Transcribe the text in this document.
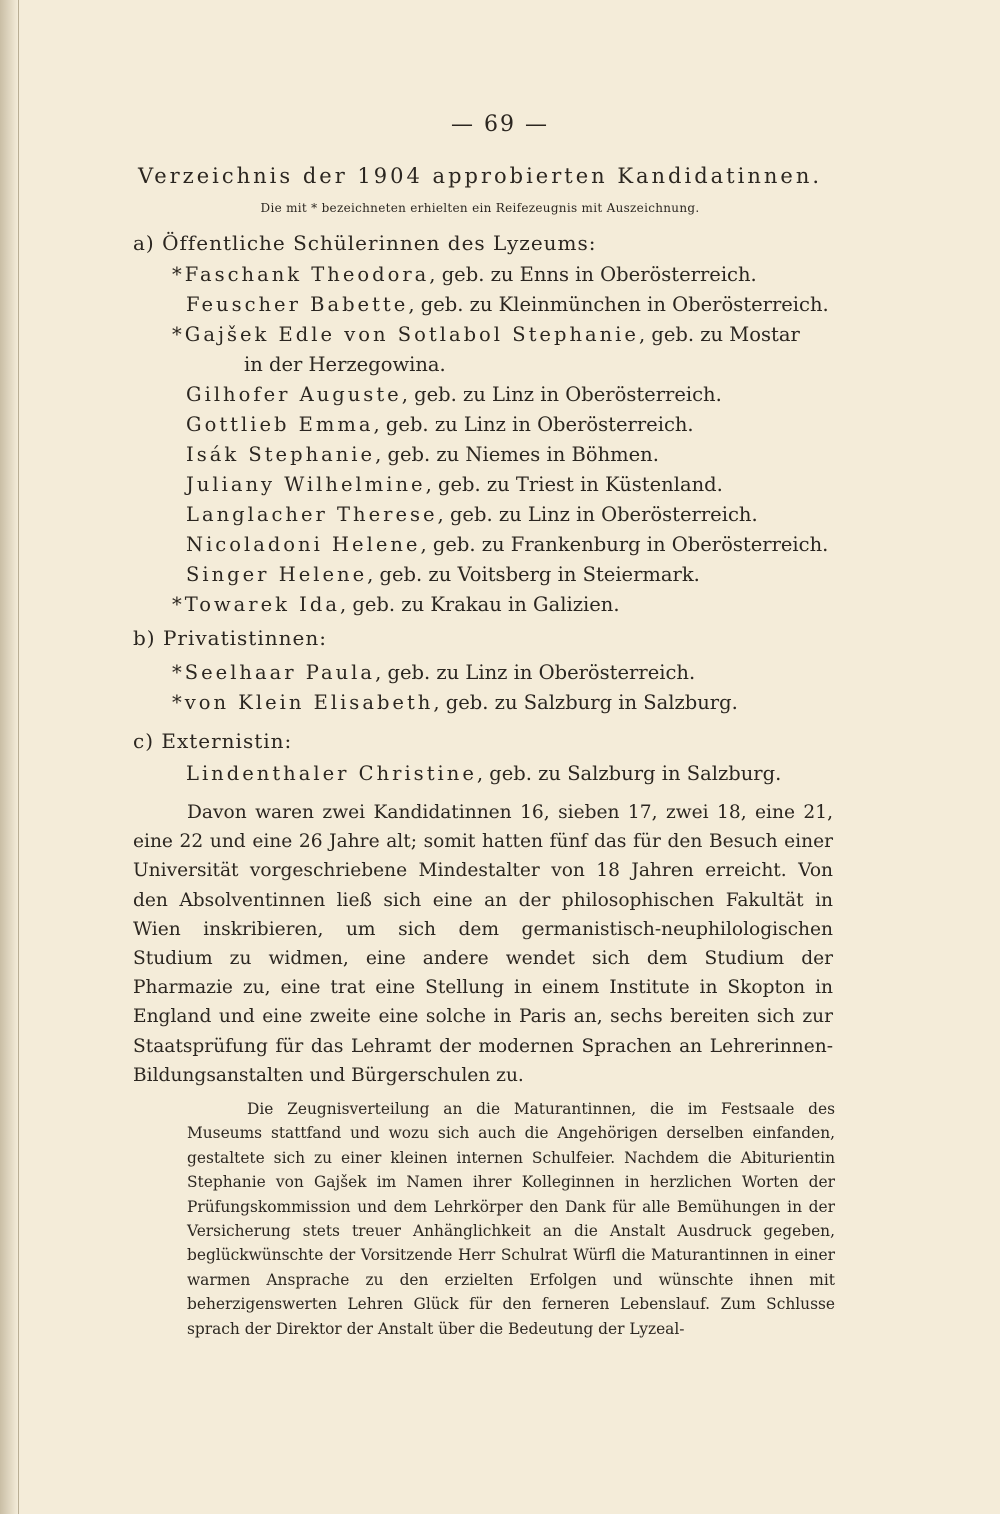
— 69 —
Verzeichnis der 1904 approbierten Kandidatinnen.
Die mit * bezeichneten erhielten ein Reifezeugnis mit Auszeichnung.
a) Öffentliche Schülerinnen des Lyzeums:
*Faschank Theodora, geb. zu Enns in Oberösterreich.
Feuscher Babette, geb. zu Kleinmünchen in Oberösterreich.
*Gajšek Edle von Sotlabol Stephanie, geb. zu Mostar
in der Herzegowina.
Gilhofer Auguste, geb. zu Linz in Oberösterreich.
Gottlieb Emma, geb. zu Linz in Oberösterreich.
Isák Stephanie, geb. zu Niemes in Böhmen.
Juliany Wilhelmine, geb. zu Triest in Küstenland.
Langlacher Therese, geb. zu Linz in Oberösterreich.
Nicoladoni Helene, geb. zu Frankenburg in Oberösterreich.
Singer Helene, geb. zu Voitsberg in Steiermark.
*Towarek Ida, geb. zu Krakau in Galizien.
b) Privatistinnen:
*Seelhaar Paula, geb. zu Linz in Oberösterreich.
*von Klein Elisabeth, geb. zu Salzburg in Salzburg.
c) Externistin:
Lindenthaler Christine, geb. zu Salzburg in Salzburg.
Davon waren zwei Kandidatinnen 16, sieben 17, zwei 18, eine 21, eine 22 und eine 26 Jahre alt; somit hatten fünf das für den Besuch einer Universität vorgeschriebene Mindestalter von 18 Jahren erreicht. Von den Absolventinnen ließ sich eine an der philosophischen Fakultät in Wien inskribieren, um sich dem germanistisch-neuphilologischen Studium zu widmen, eine andere wendet sich dem Studium der Pharmazie zu, eine trat eine Stellung in einem Institute in Skopton in England und eine zweite eine solche in Paris an, sechs bereiten sich zur Staatsprüfung für das Lehramt der modernen Sprachen an Lehrerinnen-Bildungsanstalten und Bürgerschulen zu.
Die Zeugnisverteilung an die Maturantinnen, die im Festsaale des Museums stattfand und wozu sich auch die Angehörigen derselben einfanden, gestaltete sich zu einer kleinen internen Schulfeier. Nachdem die Abiturientin Stephanie von Gajšek im Namen ihrer Kolleginnen in herzlichen Worten der Prüfungskommission und dem Lehrkörper den Dank für alle Bemühungen in der Versicherung stets treuer Anhänglichkeit an die Anstalt Ausdruck gegeben, beglückwünschte der Vorsitzende Herr Schulrat Würfl die Maturantinnen in einer warmen Ansprache zu den erzielten Erfolgen und wünschte ihnen mit beherzigenswerten Lehren Glück für den ferneren Lebenslauf. Zum Schlusse sprach der Direktor der Anstalt über die Bedeutung der Lyzeal-
